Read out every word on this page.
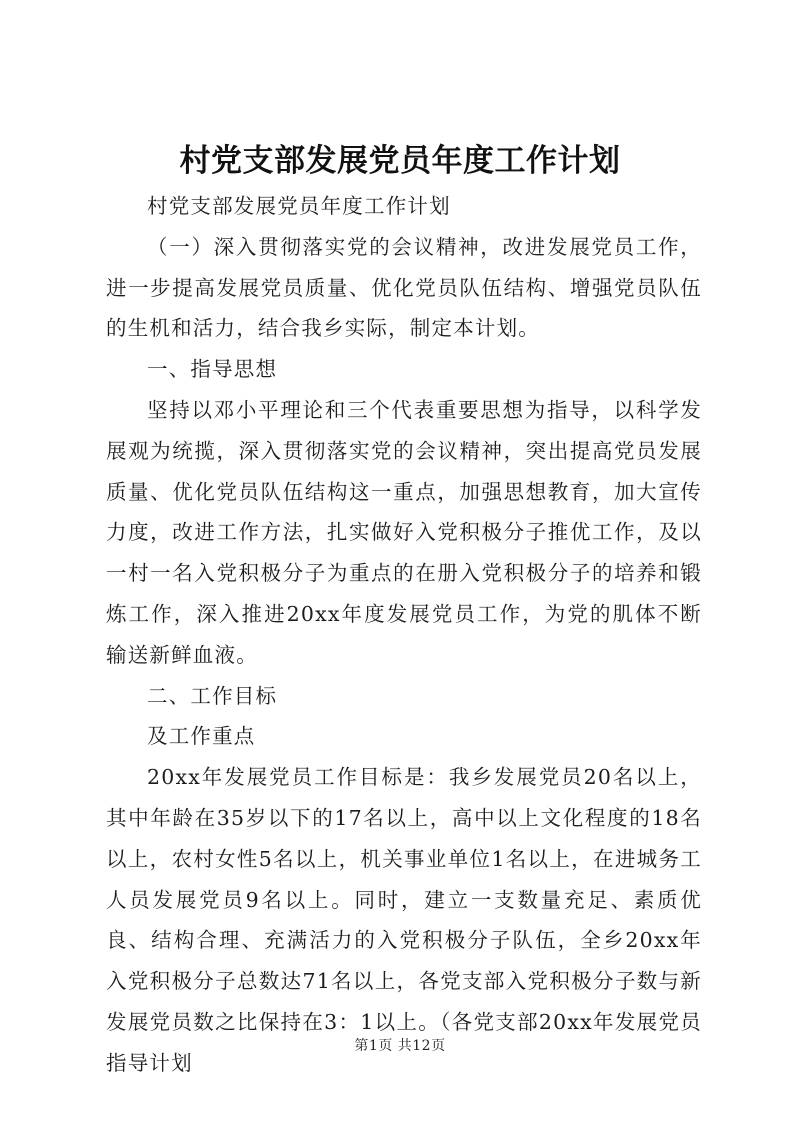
村党支部发展党员年度工作计划

村党支部发展党员年度工作计划

（一）深入贯彻落实党的会议精神，改进发展党员工作，进一步提高发展党员质量、优化党员队伍结构、增强党员队伍的生机和活力，结合我乡实际，制定本计划。

一、指导思想

坚持以邓小平理论和三个代表重要思想为指导，以科学发展观为统揽，深入贯彻落实党的会议精神，突出提高党员发展质量、优化党员队伍结构这一重点，加强思想教育，加大宣传力度，改进工作方法，扎实做好入党积极分子推优工作，及以一村一名入党积极分子为重点的在册入党积极分子的培养和锻炼工作，深入推进20xx年度发展党员工作，为党的肌体不断输送新鲜血液。

二、工作目标

及工作重点

20xx年发展党员工作目标是：我乡发展党员20名以上，其中年龄在35岁以下的17名以上，高中以上文化程度的18名以上，农村女性5名以上，机关事业单位1名以上，在进城务工人员发展党员9名以上。同时，建立一支数量充足、素质优良、结构合理、充满活力的入党积极分子队伍，全乡20xx年入党积极分子总数达71名以上，各党支部入党积极分子数与新发展党员数之比保持在3：1以上。（各党支部20xx年发展党员指导计划

第1页 共12页
